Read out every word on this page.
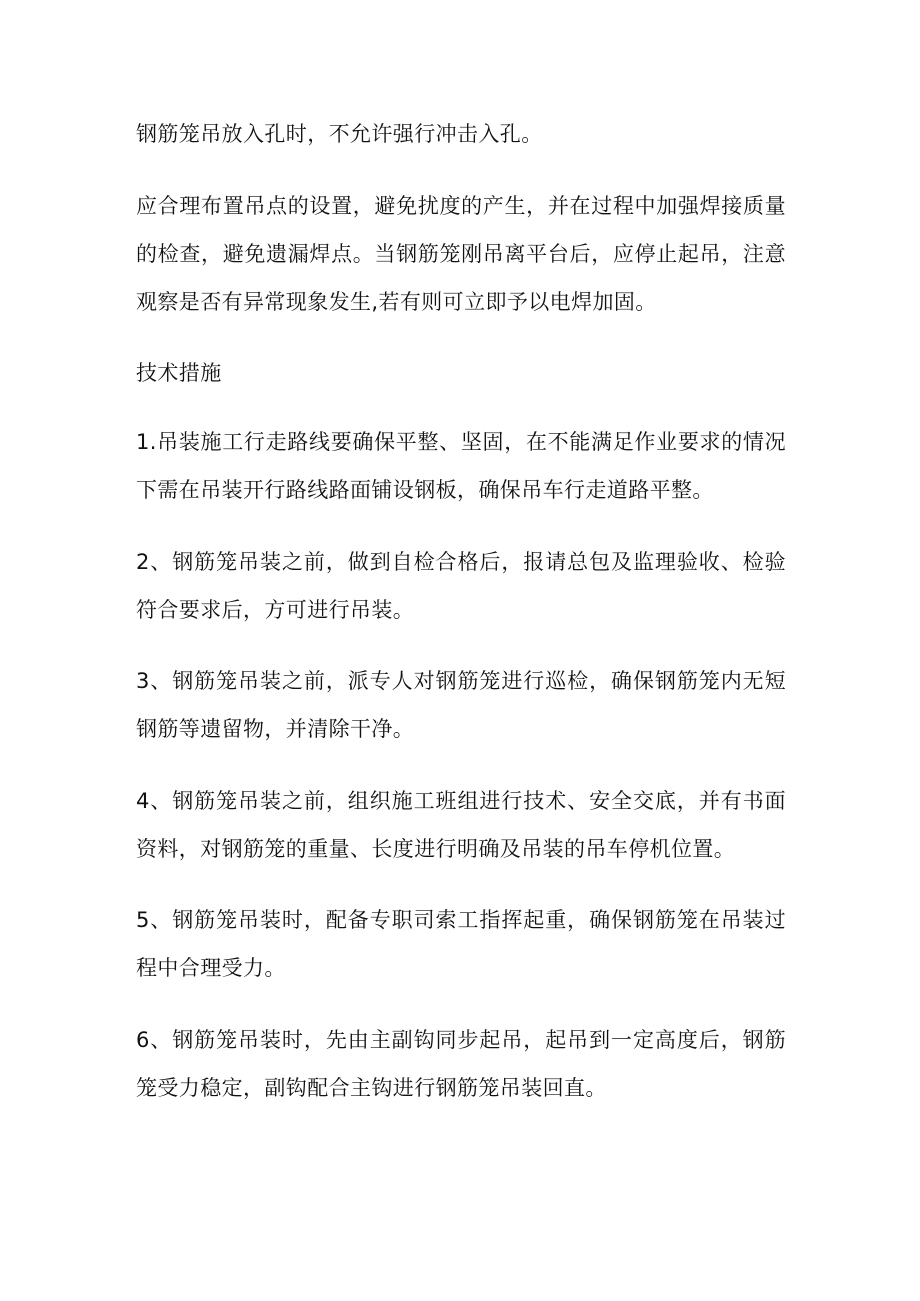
钢筋笼吊放入孔时，不允许强行冲击入孔。

应合理布置吊点的设置，避免扰度的产生，并在过程中加强焊接质量的检查，避免遗漏焊点。当钢筋笼刚吊离平台后，应停止起吊，注意观察是否有异常现象发生,若有则可立即予以电焊加固。

技术措施

1.吊装施工行走路线要确保平整、坚固，在不能满足作业要求的情况下需在吊装开行路线路面铺设钢板，确保吊车行走道路平整。

2、钢筋笼吊装之前，做到自检合格后，报请总包及监理验收、检验符合要求后，方可进行吊装。

3、钢筋笼吊装之前，派专人对钢筋笼进行巡检，确保钢筋笼内无短钢筋等遗留物，并清除干净。

4、钢筋笼吊装之前，组织施工班组进行技术、安全交底，并有书面资料，对钢筋笼的重量、长度进行明确及吊装的吊车停机位置。

5、钢筋笼吊装时，配备专职司索工指挥起重，确保钢筋笼在吊装过程中合理受力。

6、钢筋笼吊装时，先由主副钩同步起吊，起吊到一定高度后，钢筋笼受力稳定，副钩配合主钩进行钢筋笼吊装回直。
